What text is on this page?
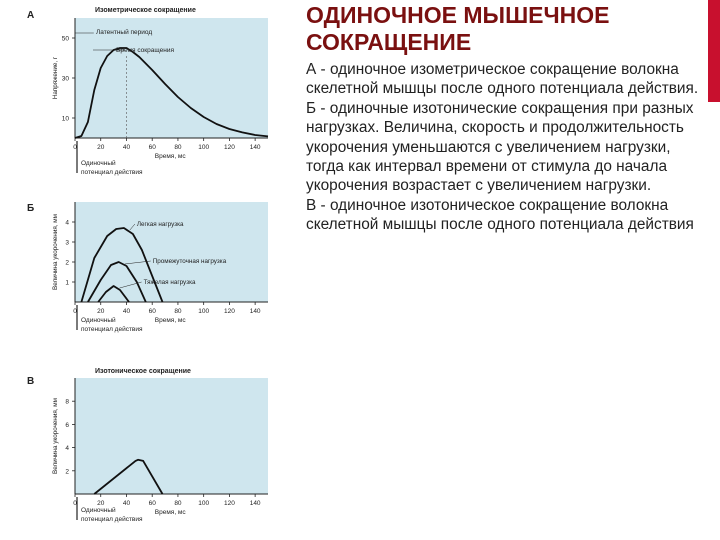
А	Изометрическое сокращение
0	20	40	60	80	100 120 140
10
30
50
Время, мс
Напряжение, г
Латентный период
Время сокращения
Одиночный
потенциал действия
Б
0	20	40	60	80	100 120 140
1
2
3
4
Время, мс
Величина укорочения, мм	Легкая нагрузка
Промежуточная нагрузка
Тяжелая нагрузка
Одиночный
потенциал действия
В
Изотоническое сокращение
0	20	40	60	80	100 120 140
2
4
6
8
Время, мс
Величина укорочения, мм
Одиночный
потенциал действия
ОДИНОЧНОЕ МЫШЕЧНОЕ СОКРАЩЕНИЕ
А - одиночное изометрическое сокращение волокна скелетной мышцы после одного потенциала действия.
Б - одиночные изотонические сокращения при разных нагрузках. Величина, скорость и продолжительность укорочения уменьшаются с увеличением нагрузки, тогда как интервал времени от стимула до начала укорочения возрастает с увеличением нагрузки.
В - одиночное изотоническое сокращение волокна скелетной мышцы после одного потенциала действия
